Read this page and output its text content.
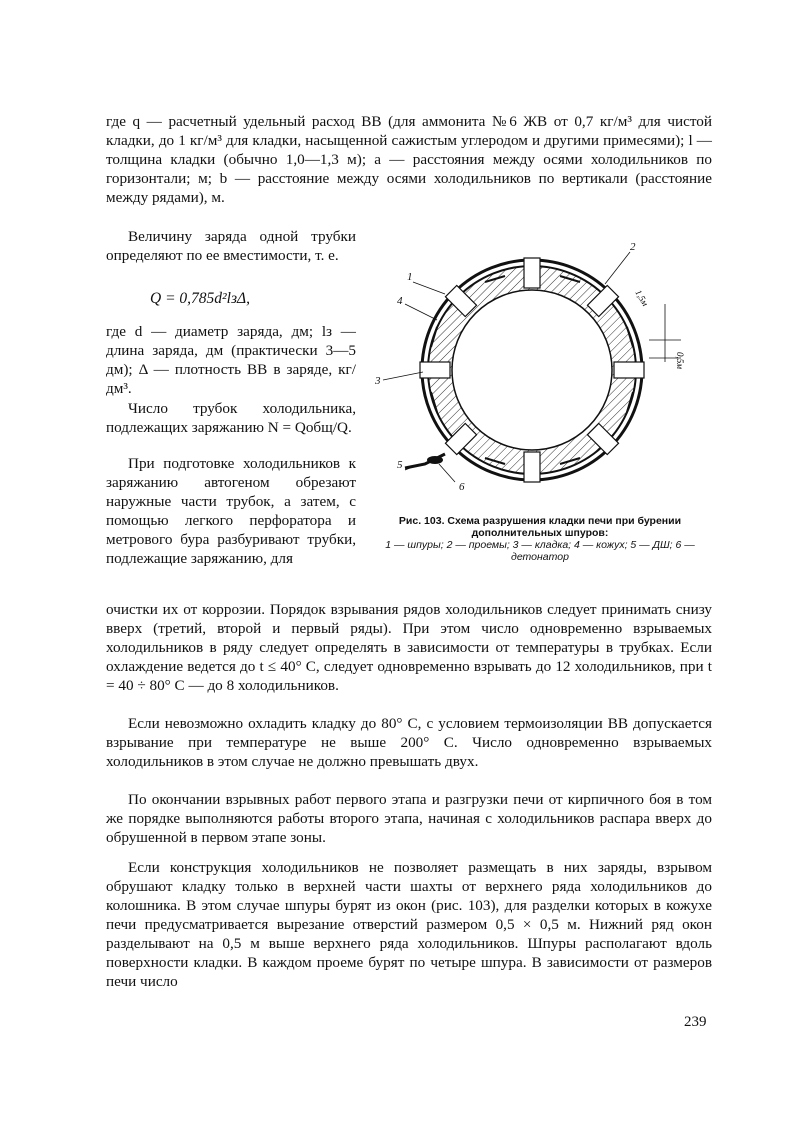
где q — расчетный удельный расход ВВ (для аммонита №6 ЖВ от 0,7 кг/м³ для чистой кладки, до 1 кг/м³ для кладки, насыщенной сажистым углеродом и другими примесями); l — толщина кладки (обычно 1,0—1,3 м); a — расстояния между осями холодильников по горизонтали; м; b — расстояние между осями холодильников по вертикали (расстояние между рядами), м.

Величину заряда одной трубки определяют по ее вместимости, т. е.

Q = 0,785d²lзΔ,

где d — диаметр заряда, дм; lз — длина заряда, дм (практически 3—5 дм); Δ — плотность ВВ в заряде, кг/дм³.

Число трубок холодильника, подлежащих заряжанию N = Qобщ/Q.

При подготовке холодильников к заряжанию автогеном обрезают наружные части трубок, а затем, с помощью легкого перфоратора и метрового бура разбуривают трубки, подлежащие заряжанию, для

очистки их от коррозии. Порядок взрывания рядов холодильников следует принимать снизу вверх (третий, второй и первый ряды). При этом число одновременно взрываемых холодильников в ряду следует определять в зависимости от температуры в трубках. Если охлаждение ведется до t ≤ 40° С, следует одновременно взрывать до 12 холодильников, при t = 40 ÷ 80° С — до 8 холодильников.

Если невозможно охладить кладку до 80° С, с условием термоизоляции ВВ допускается взрывание при температуре не выше 200° С. Число одновременно взрываемых холодильников в этом случае не должно превышать двух.

По окончании взрывных работ первого этапа и разгрузки печи от кирпичного боя в том же порядке выполняются работы второго этапа, начиная с холодильников распара вверх до обрушенной в первом этапе зоны.

Если конструкция холодильников не позволяет размещать в них заряды, взрывом обрушают кладку только в верхней части шахты от верхнего ряда холодильников до колошника. В этом случае шпуры бурят из окон (рис. 103), для разделки которых в кожухе печи предусматривается вырезание отверстий размером 0,5 × 0,5 м. Нижний ряд окон разделывают на 0,5 м выше верхнего ряда холодильников. Шпуры располагают вдоль поверхности кладки. В каждом проеме бурят по четыре шпура. В зависимости от размеров печи число

1
2
3
4
5
6
1,5м
0,5м
Рис. 103. Схема разрушения кладки печи при бурении дополнительных шпуров:
1 — шпуры; 2 — проемы; 3 — кладка; 4 — кожух; 5 — ДШ; 6 — детонатор
239
